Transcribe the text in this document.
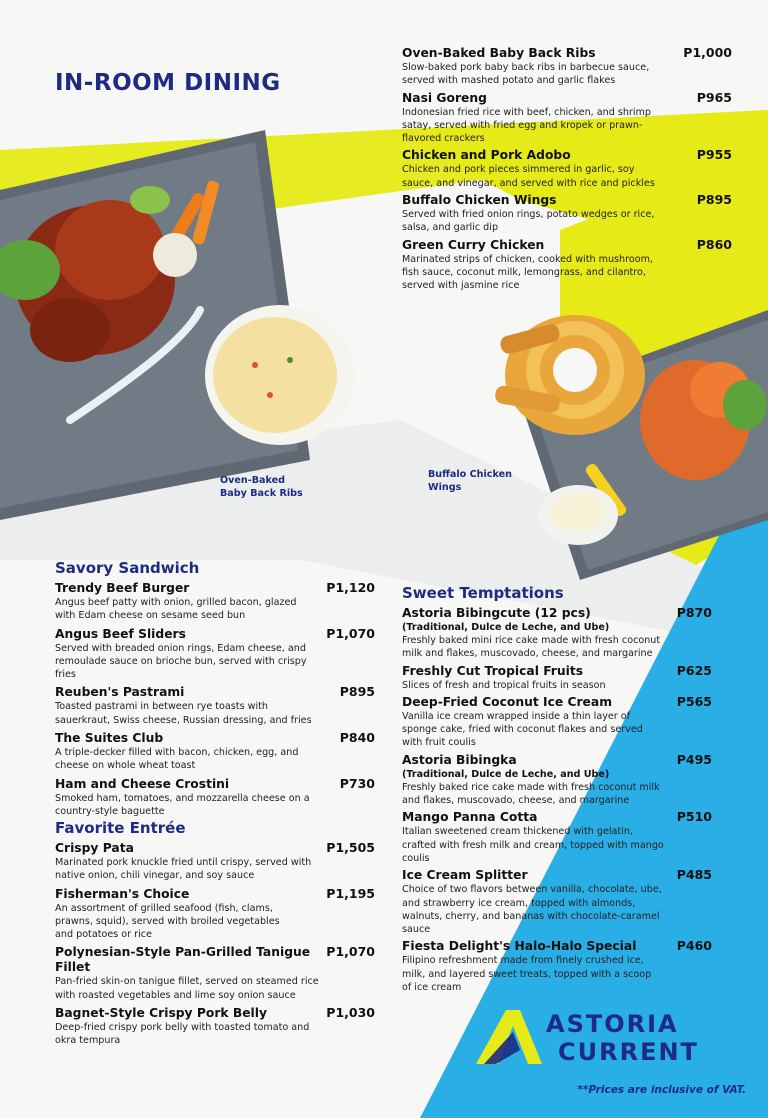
IN-ROOM DINING
Oven-Baked Baby Back Ribs
Buffalo Chicken Wings
Oven-Baked Baby Back Ribs	P1,000
Slow-baked pork baby back ribs in barbecue sauce, served with mashed potato and garlic flakes
Nasi Goreng	P965
Indonesian fried rice with beef, chicken, and shrimp satay, served with fried egg and kropek or prawn-flavored crackers
Chicken and Pork Adobo	P955
Chicken and pork pieces simmered in garlic, soy sauce, and vinegar, and served with rice and pickles
Buffalo Chicken Wings	P895
Served with fried onion rings, potato wedges or rice, salsa, and garlic dip
Green Curry Chicken	P860
Marinated strips of chicken, cooked with mushroom, fish sauce, coconut milk, lemongrass, and cilantro, served with jasmine rice
Savory Sandwich
Trendy Beef Burger	P1,120
Angus beef patty with onion, grilled bacon, glazed with Edam cheese on sesame seed bun
Angus Beef Sliders	P1,070
Served with breaded onion rings, Edam cheese, and remoulade sauce on brioche bun, served with crispy fries
Reuben's Pastrami	P895
Toasted pastrami in between rye toasts with sauerkraut, Swiss cheese, Russian dressing, and fries
The Suites Club	P840
A triple-decker filled with bacon, chicken, egg, and cheese on whole wheat toast
Ham and Cheese Crostini	P730
Smoked ham, tomatoes, and mozzarella cheese on a country-style baguette
Favorite Entrée
Crispy Pata	P1,505
Marinated pork knuckle fried until crispy, served with native onion, chili vinegar, and soy sauce
Fisherman's Choice	P1,195
An assortment of grilled seafood (fish, clams, prawns, squid), served with broiled vegetables and potatoes or rice
Polynesian-Style Pan-Grilled Tanigue Fillet
P1,070
Pan-fried skin-on tanigue fillet, served on steamed rice with roasted vegetables and lime soy onion sauce
Bagnet-Style Crispy Pork Belly	P1,030
Deep-fried crispy pork belly with toasted tomato and okra tempura
Sweet Temptations
Astoria Bibingcute (12 pcs)	P870
(Traditional, Dulce de Leche, and Ube)
Freshly baked mini rice cake made with fresh coconut milk and flakes, muscovado, cheese, and margarine
Freshly Cut Tropical Fruits	P625
Slices of fresh and tropical fruits in season
Deep-Fried Coconut Ice Cream	P565
Vanilla ice cream wrapped inside a thin layer of sponge cake, fried with coconut flakes and served with fruit coulis
Astoria Bibingka	P495
(Traditional, Dulce de Leche, and Ube)
Freshly baked rice cake made with fresh coconut milk and flakes, muscovado, cheese, and margarine
Mango Panna Cotta	P510
Italian sweetened cream thickened with gelatin, crafted with fresh milk and cream, topped with mango coulis
Ice Cream Splitter	P485
Choice of two flavors between vanilla, chocolate, ube, and strawberry ice cream, topped with almonds, walnuts, cherry, and bananas with chocolate-caramel sauce
Fiesta Delight's Halo-Halo Special	P460
Filipino refreshment made from finely crushed ice, milk, and layered sweet treats, topped with a scoop of ice cream
ASTORIA
CURRENT
**Prices are inclusive of VAT.
